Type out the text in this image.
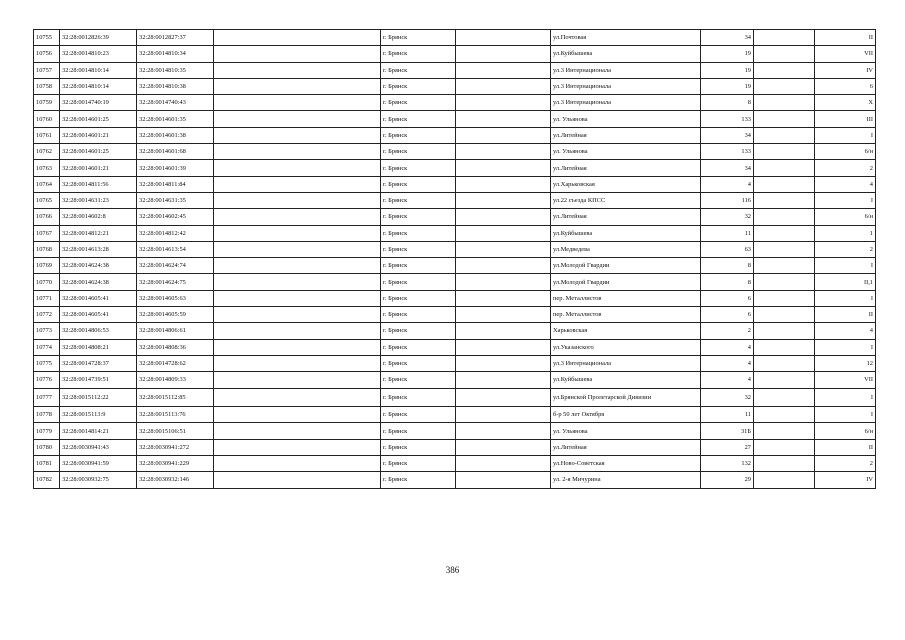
10755	32:28:0012826:39	32:28:0012827:37		г. Брянск		ул.Почтовая	34		II
10756	32:28:0014810:23	32:28:0014810:34		г. Брянск		ул.Куйбышева	19		VII
10757	32:28:0014810:14	32:28:0014810:35		г. Брянск		ул.3 Интернационала	19		IV
10758	32:28:0014810:14	32:28:0014810:38		г. Брянск		ул.3 Интернационала	19		6
10759	32:28:0014740:19	32:28:0014740:43		г. Брянск		ул.3 Интернационала	8		X
10760	32:28:0014601:25	32:28:0014601:35		г. Брянск		ул. Ульянова	133		III
10761	32:28:0014601:21	32:28:0014601:38		г. Брянск		ул.Литейная	34		I
10762	32:28:0014601:25	32:28:0014601:68		г. Брянск		ул. Ульянова	133		6/н
10763	32:28:0014601:21	32:28:0014601:39		г. Брянск		ул.Литейная	34		2
10764	32:28:0014811:56	32:28:0014811:84		г. Брянск		ул.Харьковская	4		4
10765	32:28:0014631:23	32:28:0014631:35		г. Брянск		ул.22 съезда КПСС	116		I
10766	32:28:0014602:8	32:28:0014602:45		г. Брянск		ул.Литейная	32		6/н
10767	32:28:0014812:21	32:28:0014812:42		г. Брянск		ул.Куйбышева	11		1
10768	32:28:0014613:28	32:28:0014613:54		г. Брянск		ул.Медведева	63		2
10769	32:28:0014624:38	32:28:0014624:74		г. Брянск		ул.Молодой Гвардии	8		I
10770	32:28:0014624:38	32:28:0014624:75		г. Брянск		ул.Молодой Гвардии	8		II,1
10771	32:28:0014605:41	32:28:0014605:63		г. Брянск		пер. Металлистов	6		I
10772	32:28:0014605:41	32:28:0014605:59		г. Брянск		пер. Металлистов	6		II
10773	32:28:0014806:53	32:28:0014806:61		г. Брянск		Харьковская	2		4
10774	32:28:0014808:21	32:28:0014808:36		г. Брянск		ул.Указанского	4		I
10775	32:28:0014728:37	32:28:0014728:62		г. Брянск		ул.3 Интернационала	4		12
10776	32:28:0014739:51	32:28:0014809:33		г. Брянск		ул.Куйбышева	4		VII
10777	32:28:0015112:22	32:28:0015112:85		г. Брянск		ул.Брянской Пролетарской Дивизии	32		I
10778	32:28:0015113:9	32:28:0015113:76		г. Брянск		б-р 50 лет Октября	11		I
10779	32:28:0014814:21	32:28:0015106:51		г. Брянск		ул. Ульянова	31Б		6/н
10780	32:28:0030941:43	32:28:0030941:272		г. Брянск		ул.Литейная	27		II
10781	32:28:0030941:59	32:28:0030941:229		г. Брянск		ул.Ново-Советская	132		2
10782	32:28:0030932:75	32:28:0030932:146		г. Брянск		ул. 2-я Мичурина	29		IV
386
